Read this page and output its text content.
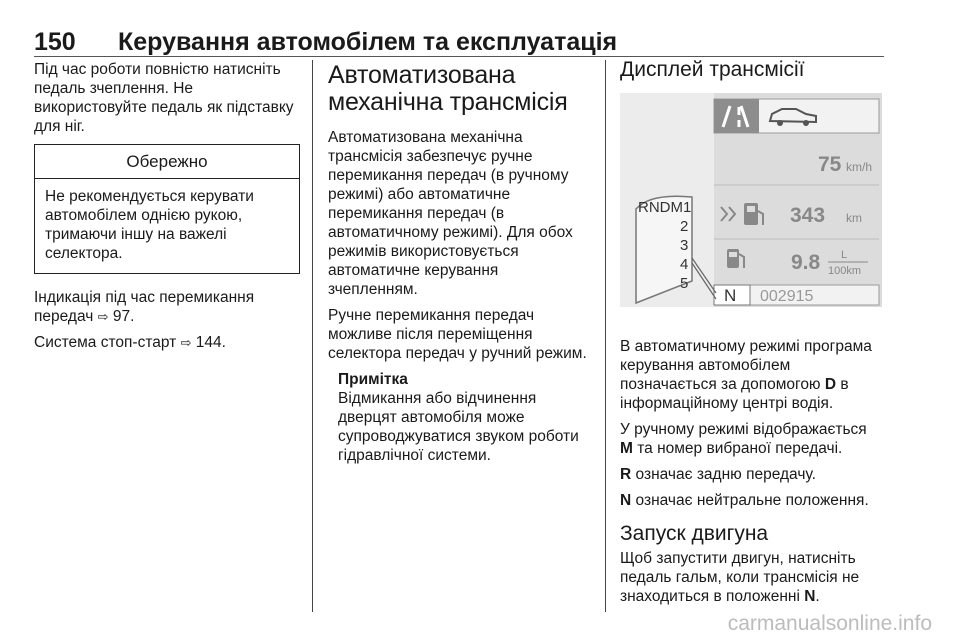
150 Керування автомобілем та експлуатація

Під час роботи повністю натисніть педаль зчеплення. Не використовуйте педаль як підставку для ніг.

Обережно
Не рекомендується керувати автомобілем однією рукою, тримаючи іншу на важелі селектора.

Індикація під час перемикання передач ⇨ 97.

Система стоп-старт ⇨ 144.

Автоматизована механічна трансмісія

Автоматизована механічна трансмісія забезпечує ручне перемикання передач (в ручному режимі) або автоматичне перемикання передач (в автоматичному режимі). Для обох режимів використовується автоматичне керування зчепленням.

Ручне перемикання передач можливе після переміщення селектора передач у ручний режим.

Примітка
Відмикання або відчинення дверцят автомобіля може супроводжуватися звуком роботи гідравлічної системи.
Дисплей трансмісії
75 km/h
343 km
9.8 L
100km
N 002915
RNDM1
2
3
4
5

В автоматичному режимі програма керування автомобілем позначається за допомогою D в інформаційному центрі водія.

У ручному режимі відображається M та номер вибраної передачі.

R означає задню передачу.

N означає нейтральне положення.

Запуск двигуна

Щоб запустити двигун, натисніть педаль гальм, коли трансмісія не знаходиться в положенні N.

carmanualsonline.info
